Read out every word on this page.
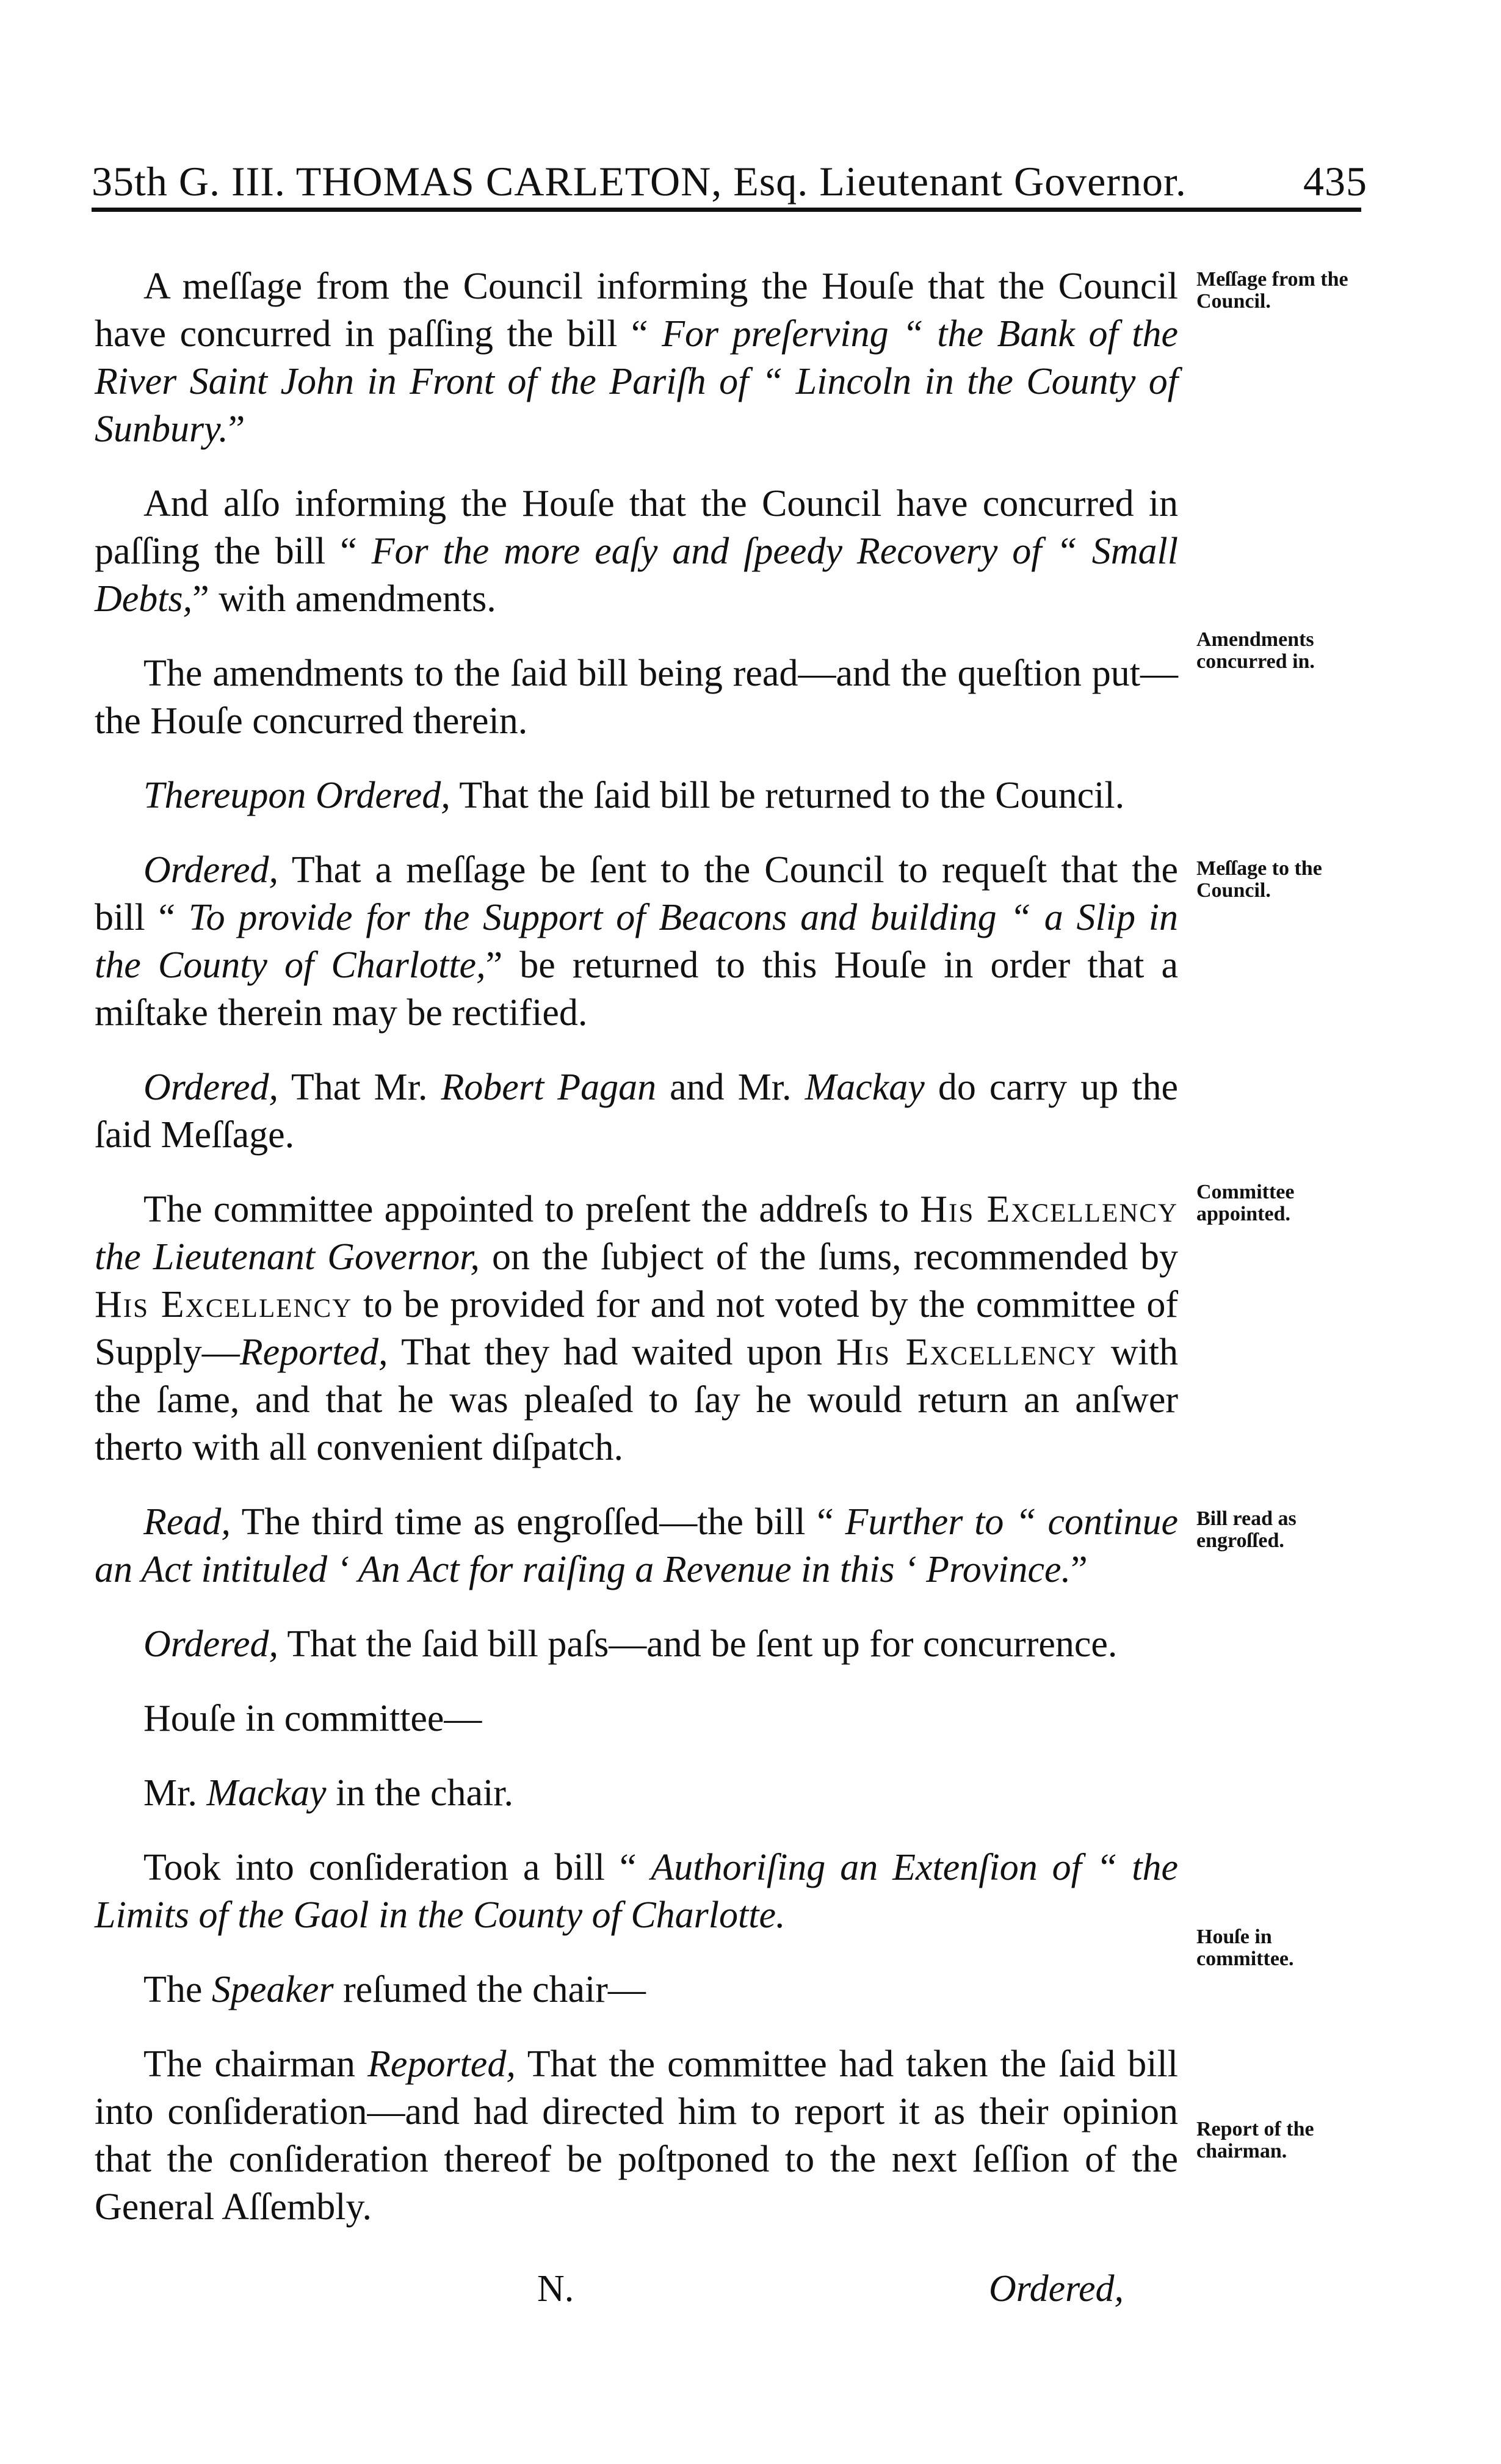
35th G. III. THOMAS CARLETON, Esq. Lieutenant Governor.	435

A meſſage from the Council informing the Houſe that the Council have concurred in paſſing the bill “ For preſerving “ the Bank of the River Saint John in Front of the Pariſh of “ Lincoln in the County of Sunbury.”

And alſo informing the Houſe that the Council have concurred in paſſing the bill “ For the more eaſy and ſpeedy Recovery of “ Small Debts,” with amendments.

The amendments to the ſaid bill being read—and the queſtion put—the Houſe concurred therein.

Thereupon Ordered, That the ſaid bill be returned to the Council.

Ordered, That a meſſage be ſent to the Council to requeſt that the bill “ To provide for the Support of Beacons and building “ a Slip in the County of Charlotte,” be returned to this Houſe in order that a miſtake therein may be rectified.

Ordered, That Mr. Robert Pagan and Mr. Mackay do carry up the ſaid Meſſage.

The committee appointed to preſent the addreſs to His Excellency the Lieutenant Governor, on the ſubject of the ſums, recommended by His Excellency to be provided for and not voted by the committee of Supply—Reported, That they had waited upon His Excellency with the ſame, and that he was pleaſed to ſay he would return an anſwer therto with all convenient diſpatch.

Read, The third time as engroſſed—the bill “ Further to “ continue an Act intituled ‘ An Act for raiſing a Revenue in this ‘ Province.”

Ordered, That the ſaid bill paſs—and be ſent up for concurrence.

Houſe in committee—

Mr. Mackay in the chair.

Took into conſideration a bill “ Authoriſing an Extenſion of “ the Limits of the Gaol in the County of Charlotte.

The Speaker reſumed the chair—

The chairman Reported, That the committee had taken the ſaid bill into conſideration—and had directed him to report it as their opinion that the conſideration thereof be poſtponed to the next ſeſſion of the General Aſſembly.

Meſſage from the Council.
Amendments concurred in.
Meſſage to the Council.
Committee appointed.
Bill read as engroſſed.
Houſe in committee.
Report of the chairman.
N.	Ordered,
